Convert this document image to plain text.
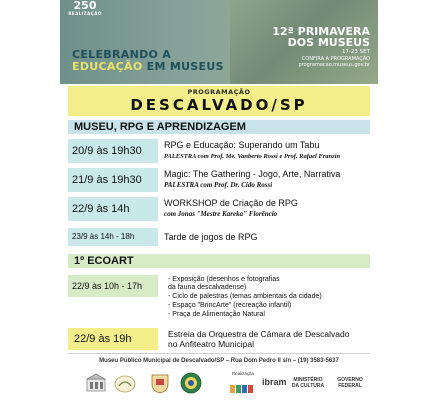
250
REALIZAÇÃO
CELEBRANDO A
EDUCAÇÃO EM MUSEUS
12ª PRIMAVERA
DOS MUSEUS
17-23 SET
CONFIRA A PROGRAMAÇÃO
programacao.museus.gov.br
PROGRAMAÇÃO
DESCALVADO/SP
MUSEU, RPG E APRENDIZAGEM
20/9 às 19h30	RPG e Educação: Superando um Tabu
PALESTRA com Prof. Me. Vanberto Rossi e Prof. Rafael Franzin
21/9 às 19h30	Magic: The Gathering - Jogo, Arte, Narrativa
PALESTRA com Prof. Dr. Cido Rossi
22/9 às 14h	WORKSHOP de Criação de RPG
com Jonas "Mestre Kareka" Florêncio
23/9 às 14h - 18h	Tarde de jogos de RPG
1º ECOART
22/9 às 10h - 17h
- Exposição (desenhos e fotografias
da fauna descalvadense)
- Ciclo de palestras (temas ambientais da cidade)
- Espaço "BrincArte" (recreação infantil)
- Praça de Alimentação Natural
22/9 às 19h	Estreia da Orquestra de Câmara de Descalvado
no Anfiteatro Municipal
Museu Público Municipal de Descalvado/SP – Rua Dom Pedro II s/n – (19) 3583-5637
Realização
ibram	MINISTÉRIO DA CULTURA
GOVERNO FEDERAL
